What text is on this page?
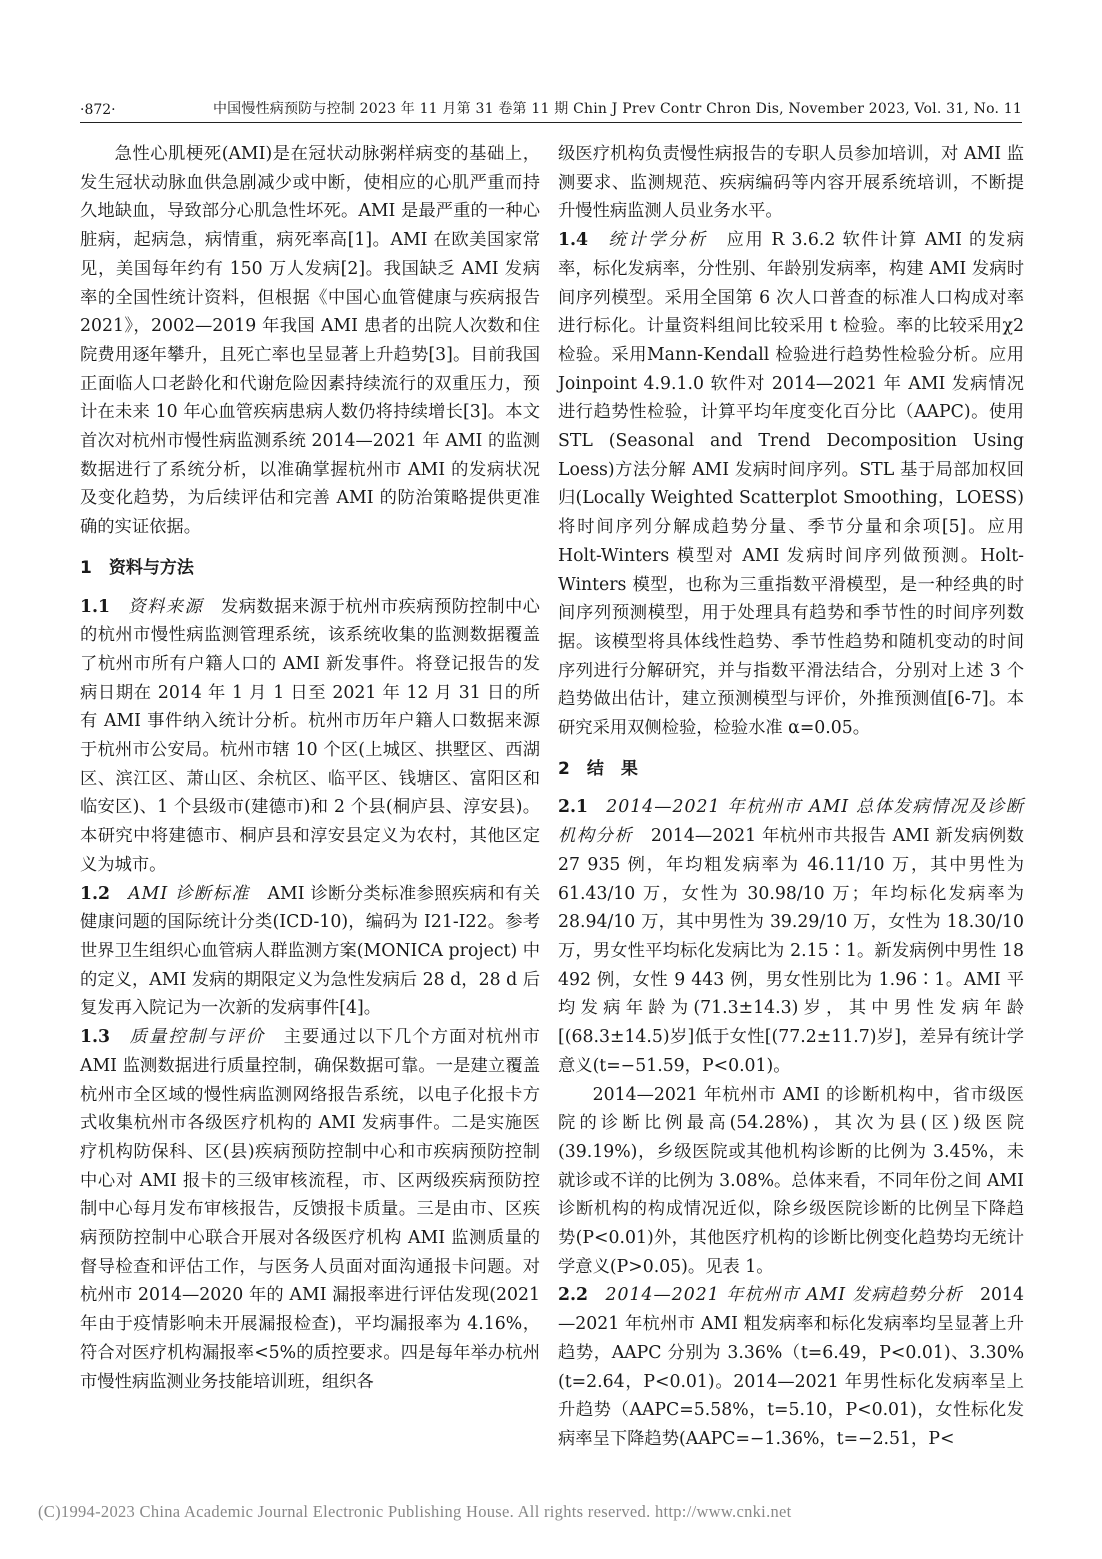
·872·	中国慢性病预防与控制 2023 年 11 月第 31 卷第 11 期 Chin J Prev Contr Chron Dis, November 2023, Vol. 31, No. 11

急性心肌梗死(AMI)是在冠状动脉粥样病变的基础上，发生冠状动脉血供急剧减少或中断，使相应的心肌严重而持久地缺血，导致部分心肌急性坏死。AMI 是最严重的一种心脏病，起病急，病情重，病死率高[1]。AMI 在欧美国家常见，美国每年约有 150 万人发病[2]。我国缺乏 AMI 发病率的全国性统计资料，但根据《中国心血管健康与疾病报告 2021》，2002—2019 年我国 AMI 患者的出院人次数和住院费用逐年攀升，且死亡率也呈显著上升趋势[3]。目前我国正面临人口老龄化和代谢危险因素持续流行的双重压力，预计在未来 10 年心血管疾病患病人数仍将持续增长[3]。本文首次对杭州市慢性病监测系统 2014—2021 年 AMI 的监测数据进行了系统分析，以准确掌握杭州市 AMI 的发病状况及变化趋势，为后续评估和完善 AMI 的防治策略提供更准确的实证依据。

1　资料与方法

1.1　 资料来源　 发病数据来源于杭州市疾病预防控制中心的杭州市慢性病监测管理系统，该系统收集的监测数据覆盖了杭州市所有户籍人口的 AMI 新发事件。将登记报告的发病日期在 2014 年 1 月 1 日至 2021 年 12 月 31 日的所有 AMI 事件纳入统计分析。杭州市历年户籍人口数据来源于杭州市公安局。杭州市辖 10 个区(上城区、拱墅区、西湖区、滨江区、萧山区、余杭区、临平区、钱塘区、富阳区和临安区)、1 个县级市(建德市)和 2 个县(桐庐县、淳安县)。本研究中将建德市、桐庐县和淳安县定义为农村，其他区定义为城市。

1.2　 AMI 诊断标准　 AMI 诊断分类标准参照疾病和有关健康问题的国际统计分类(ICD-10)，编码为 I21-I22。参考世界卫生组织心血管病人群监测方案(MONICA project) 中的定义，AMI 发病的期限定义为急性发病后 28 d，28 d 后复发再入院记为一次新的发病事件[4]。

1.3　 质量控制与评价　 主要通过以下几个方面对杭州市 AMI 监测数据进行质量控制，确保数据可靠。一是建立覆盖杭州市全区域的慢性病监测网络报告系统，以电子化报卡方式收集杭州市各级医疗机构的 AMI 发病事件。二是实施医疗机构防保科、区(县)疾病预防控制中心和市疾病预防控制中心对 AMI 报卡的三级审核流程，市、区两级疾病预防控制中心每月发布审核报告，反馈报卡质量。三是由市、区疾病预防控制中心联合开展对各级医疗机构 AMI 监测质量的督导检查和评估工作，与医务人员面对面沟通报卡问题。对杭州市 2014—2020 年的 AMI 漏报率进行评估发现(2021 年由于疫情影响未开展漏报检查)，平均漏报率为 4.16%，符合对医疗机构漏报率<5%的质控要求。四是每年举办杭州市慢性病监测业务技能培训班，组织各

级医疗机构负责慢性病报告的专职人员参加培训，对 AMI 监测要求、监测规范、疾病编码等内容开展系统培训，不断提升慢性病监测人员业务水平。

1.4　 统计学分析　 应用 R 3.6.2 软件计算 AMI 的发病率，标化发病率，分性别、年龄别发病率，构建 AMI 发病时间序列模型。采用全国第 6 次人口普查的标准人口构成对率进行标化。计量资料组间比较采用 t 检验。率的比较采用χ2 检验。采用Mann-Kendall 检验进行趋势性检验分析。应用 Joinpoint 4.9.1.0 软件对 2014—2021 年 AMI 发病情况进行趋势性检验，计算平均年度变化百分比（AAPC)。使用 STL (Seasonal and Trend Decomposition Using Loess)方法分解 AMI 发病时间序列。STL 基于局部加权回归(Locally Weighted Scatterplot Smoothing，LOESS)将时间序列分解成趋势分量、季节分量和余项[5]。应用 Holt-Winters 模型对 AMI 发病时间序列做预测。Holt-Winters 模型，也称为三重指数平滑模型，是一种经典的时间序列预测模型，用于处理具有趋势和季节性的时间序列数据。该模型将具体线性趋势、季节性趋势和随机变动的时间序列进行分解研究，并与指数平滑法结合，分别对上述 3 个趋势做出估计，建立预测模型与评价，外推预测值[6-7]。本研究采用双侧检验，检验水准 α=0.05。

2　结　果

2.1　 2014—2021 年杭州市 AMI 总体发病情况及诊断机构分析　 2014—2021 年杭州市共报告 AMI 新发病例数 27 935 例，年均粗发病率为 46.11/10 万，其中男性为 61.43/10 万，女性为 30.98/10 万；年均标化发病率为 28.94/10 万，其中男性为 39.29/10 万，女性为 18.30/10 万，男女性平均标化发病比为 2.15∶1。新发病例中男性 18 492 例，女性 9 443 例，男女性别比为 1.96∶1。AMI 平均发病年龄为(71.3±14.3)岁，其中男性发病年龄[(68.3±14.5)岁]低于女性[(77.2±11.7)岁]，差异有统计学意义(t=−51.59，P<0.01)。

2014—2021 年杭州市 AMI 的诊断机构中，省市级医院的诊断比例最高(54.28%)，其次为县(区)级医院(39.19%)，乡级医院或其他机构诊断的比例为 3.45%，未就诊或不详的比例为 3.08%。总体来看，不同年份之间 AMI 诊断机构的构成情况近似，除乡级医院诊断的比例呈下降趋势(P<0.01)外，其他医疗机构的诊断比例变化趋势均无统计学意义(P>0.05)。见表 1。

2.2　 2014—2021 年杭州市 AMI 发病趋势分析　 2014—2021 年杭州市 AMI 粗发病率和标化发病率均呈显著上升趋势，AAPC 分别为 3.36%（t=6.49，P<0.01)、3.30%(t=2.64，P<0.01)。2014—2021 年男性标化发病率呈上升趋势（AAPC=5.58%，t=5.10，P<0.01)，女性标化发病率呈下降趋势(AAPC=−1.36%，t=−2.51，P<

(C)1994-2023 China Academic Journal Electronic Publishing House. All rights reserved. http://www.cnki.net
